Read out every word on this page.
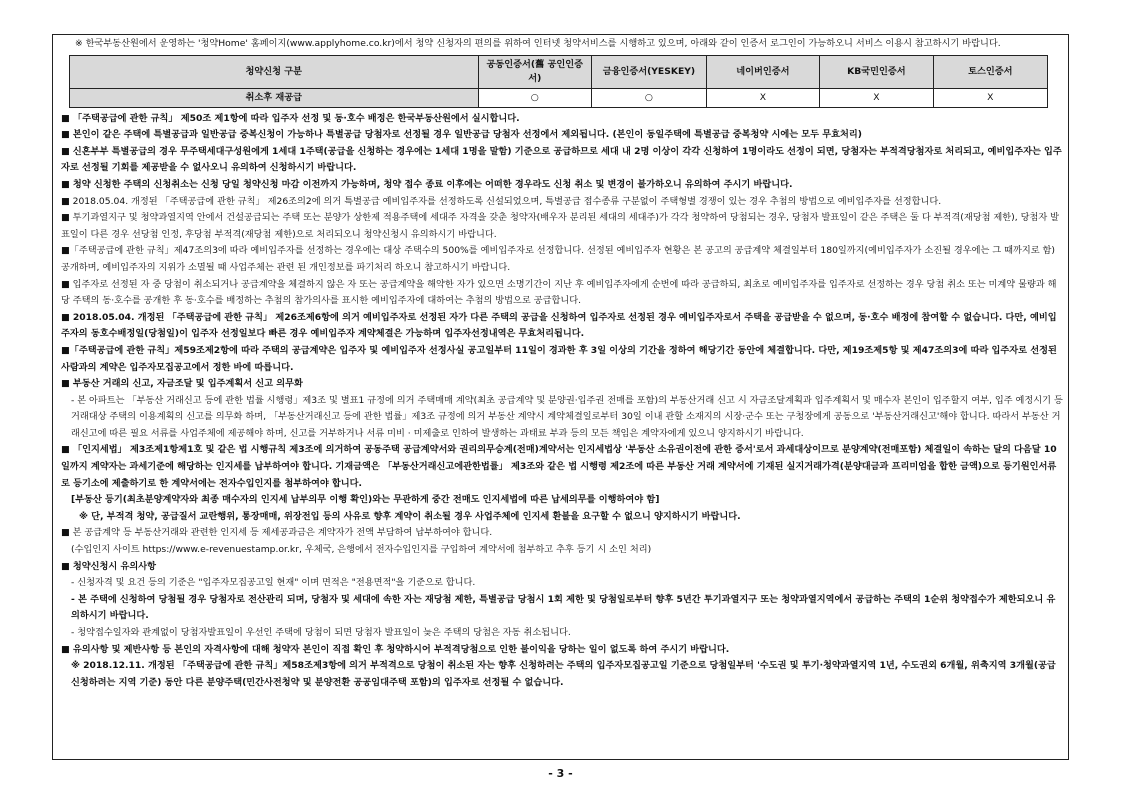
※ 한국부동산원에서 운영하는 '청약Home' 홈페이지(www.applyhome.co.kr)에서 청약 신청자의 편의를 위하여 인터넷 청약서비스를 시행하고 있으며, 아래와 같이 인증서 로그인이 가능하오니 서비스 이용시 참고하시기 바랍니다.

청약신청 구분	공동인증서(舊 공인인증서)	금융인증서(YESKEY)	네이버인증서	KB국민인증서	토스인증서
취소후 재공급	○	○	X	X	X

■ 「주택공급에 관한 규칙」 제50조 제1항에 따라 입주자 선정 및 동·호수 배정은 한국부동산원에서 실시합니다.

■ 본인이 같은 주택에 특별공급과 일반공급 중복신청이 가능하나 특별공급 당첨자로 선정될 경우 일반공급 당첨자 선정에서 제외됩니다. (본인이 동일주택에 특별공급 중복청약 시에는 모두 무효처리)

■ 신혼부부 특별공급의 경우 무주택세대구성원에게 1세대 1주택(공급을 신청하는 경우에는 1세대 1명을 말함) 기준으로 공급하므로 세대 내 2명 이상이 각각 신청하여 1명이라도 선정이 되면, 당첨자는 부적격당첨자로 처리되고, 예비입주자는 입주자로 선정될 기회를 제공받을 수 없사오니 유의하여 신청하시기 바랍니다.

■ 청약 신청한 주택의 신청취소는 신청 당일 청약신청 마감 이전까지 가능하며, 청약 접수 종료 이후에는 어떠한 경우라도 신청 취소 및 변경이 불가하오니 유의하여 주시기 바랍니다.

■ 2018.05.04. 개정된 「주택공급에 관한 규칙」 제26조의2에 의거 특별공급 예비입주자를 선정하도록 신설되었으며, 특별공급 접수종류 구분없이 주택형별 경쟁이 있는 경우 추첨의 방법으로 예비입주자를 선정합니다.

■ 투기과열지구 및 청약과열지역 안에서 건설공급되는 주택 또는 분양가 상한제 적용주택에 세대주 자격을 갖춘 청약자(배우자 분리된 세대의 세대주)가 각각 청약하여 당첨되는 경우, 당첨자 발표일이 같은 주택은 둘 다 부적격(재당첨 제한), 당첨자 발표일이 다른 경우 선당첨 인정, 후당첨 부적격(재당첨 제한)으로 처리되오니 청약신청시 유의하시기 바랍니다.

■「주택공급에 관한 규칙」제47조의3에 따라 예비입주자를 선정하는 경우에는 대상 주택수의 500%를 예비입주자로 선정합니다. 선정된 예비입주자 현황은 본 공고의 공급계약 체결일부터 180일까지(예비입주자가 소진될 경우에는 그 때까지로 함) 공개하며, 예비입주자의 지위가 소멸될 때 사업주체는 관련 된 개인정보를 파기처리 하오니 참고하시기 바랍니다.

■ 입주자로 선정된 자 중 당첨이 취소되거나 공급계약을 체결하지 않은 자 또는 공급계약을 해약한 자가 있으면 소명기간이 지난 후 예비입주자에게 순번에 따라 공급하되, 최초로 예비입주자를 입주자로 선정하는 경우 당첨 취소 또는 미계약 물량과 해당 주택의 동·호수를 공개한 후 동·호수를 배정하는 추첨의 참가의사를 표시한 예비입주자에 대하여는 추첨의 방법으로 공급합니다.

■ 2018.05.04. 개정된 「주택공급에 관한 규칙」 제26조제6항에 의거 예비입주자로 선정된 자가 다른 주택의 공급을 신청하여 입주자로 선정된 경우 예비입주자로서 주택을 공급받을 수 없으며, 동·호수 배정에 참여할 수 없습니다. 다만, 예비입주자의 동호수배정일(당첨일)이 입주자 선정일보다 빠른 경우 예비입주자 계약체결은 가능하며 입주자선정내역은 무효처리됩니다.

■「주택공급에 관한 규칙」제59조제2항에 따라 주택의 공급계약은 입주자 및 예비입주자 선정사실 공고일부터 11일이 경과한 후 3일 이상의 기간을 정하여 해당기간 동안에 체결합니다. 다만, 제19조제5항 및 제47조의3에 따라 입주자로 선정된 사람과의 계약은 입주자모집공고에서 정한 바에 따릅니다.

■ 부동산 거래의 신고, 자금조달 및 입주계획서 신고 의무화

- 본 아파트는 「부동산 거래신고 등에 관한 법률 시행령」제3조 및 별표1 규정에 의거 주택매매 계약(최초 공급계약 및 분양권·입주권 전매를 포함)의 부동산거래 신고 시 자금조달계획과 입주계획서 및 매수자 본인이 입주할지 여부, 입주 예정시기 등 거래대상 주택의 이용계획의 신고를 의무화 하며, 「부동산거래신고 등에 관한 법률」제3조 규정에 의거 부동산 계약시 계약체결일로부터 30일 이내 관할 소재지의 시장·군수 또는 구청장에게 공동으로 '부동산거래신고'해야 합니다. 따라서 부동산 거래신고에 따른 필요 서류를 사업주체에 제공해야 하며, 신고를 거부하거나 서류 미비 · 미제출로 인하여 발생하는 과태료 부과 등의 모든 책임은 계약자에게 있으니 양지하시기 바랍니다.

■ 「인지세법」 제3조제1항제1호 및 같은 법 시행규칙 제3조에 의거하여 공동주택 공급계약서와 권리의무승계(전매)계약서는 인지세법상 '부동산 소유권이전에 관한 증서'로서 과세대상이므로 분양계약(전매포함) 체결일이 속하는 달의 다음달 10일까지 계약자는 과세기준에 해당하는 인지세를 납부하여야 합니다. 기재금액은 「부동산거래신고에관한법률」 제3조와 같은 법 시행령 제2조에 따른 부동산 거래 계약서에 기재된 실지거래가격(분양대금과 프리미엄을 합한 금액)으로 등기원인서류로 등기소에 제출하기로 한 계약서에는 전자수입인지를 첨부하여야 합니다.

[부동산 등기(최초분양계약자와 최종 매수자의 인지세 납부의무 이행 확인)와는 무관하게 중간 전매도 인지세법에 따른 납세의무를 이행하여야 함]

※ 단, 부적격 청약, 공급질서 교란행위, 통장매매, 위장전입 등의 사유로 향후 계약이 취소될 경우 사업주체에 인지세 환불을 요구할 수 없으니 양지하시기 바랍니다.

■ 본 공급계약 등 부동산거래와 관련한 인지세 등 제세공과금은 계약자가 전액 부담하여 납부하여야 합니다.

(수입인지 사이트 https://www.e-revenuestamp.or.kr, 우체국, 은행에서 전자수입인지를 구입하여 계약서에 첨부하고 추후 등기 시 소인 처리)

■ 청약신청시 유의사항

- 신청자격 및 요건 등의 기준은 "입주자모집공고일 현재" 이며 면적은 "전용면적"을 기준으로 합니다.

- 본 주택에 신청하여 당첨될 경우 당첨자로 전산관리 되며, 당첨자 및 세대에 속한 자는 재당첨 제한, 특별공급 당첨시 1회 제한 및 당첨일로부터 향후 5년간 투기과열지구 또는 청약과열지역에서 공급하는 주택의 1순위 청약접수가 제한되오니 유의하시기 바랍니다.

- 청약접수일자와 관계없이 당첨자발표일이 우선인 주택에 당첨이 되면 당첨자 발표일이 늦은 주택의 당첨은 자동 취소됩니다.

■ 유의사항 및 제반사항 등 본인의 자격사항에 대해 청약자 본인이 직접 확인 후 청약하시어 부적격당첨으로 인한 불이익을 당하는 일이 없도록 하여 주시기 바랍니다.

※ 2018.12.11. 개정된 「주택공급에 관한 규칙」제58조제3항에 의거 부적격으로 당첨이 취소된 자는 향후 신청하려는 주택의 입주자모집공고일 기준으로 당첨일부터 '수도권 및 투기·청약과열지역 1년, 수도권외 6개월, 위축지역 3개월(공급신청하려는 지역 기준) 동안 다른 분양주택(민간사전청약 및 분양전환 공공임대주택 포함)의 입주자로 선정될 수 없습니다.

- 3 -
